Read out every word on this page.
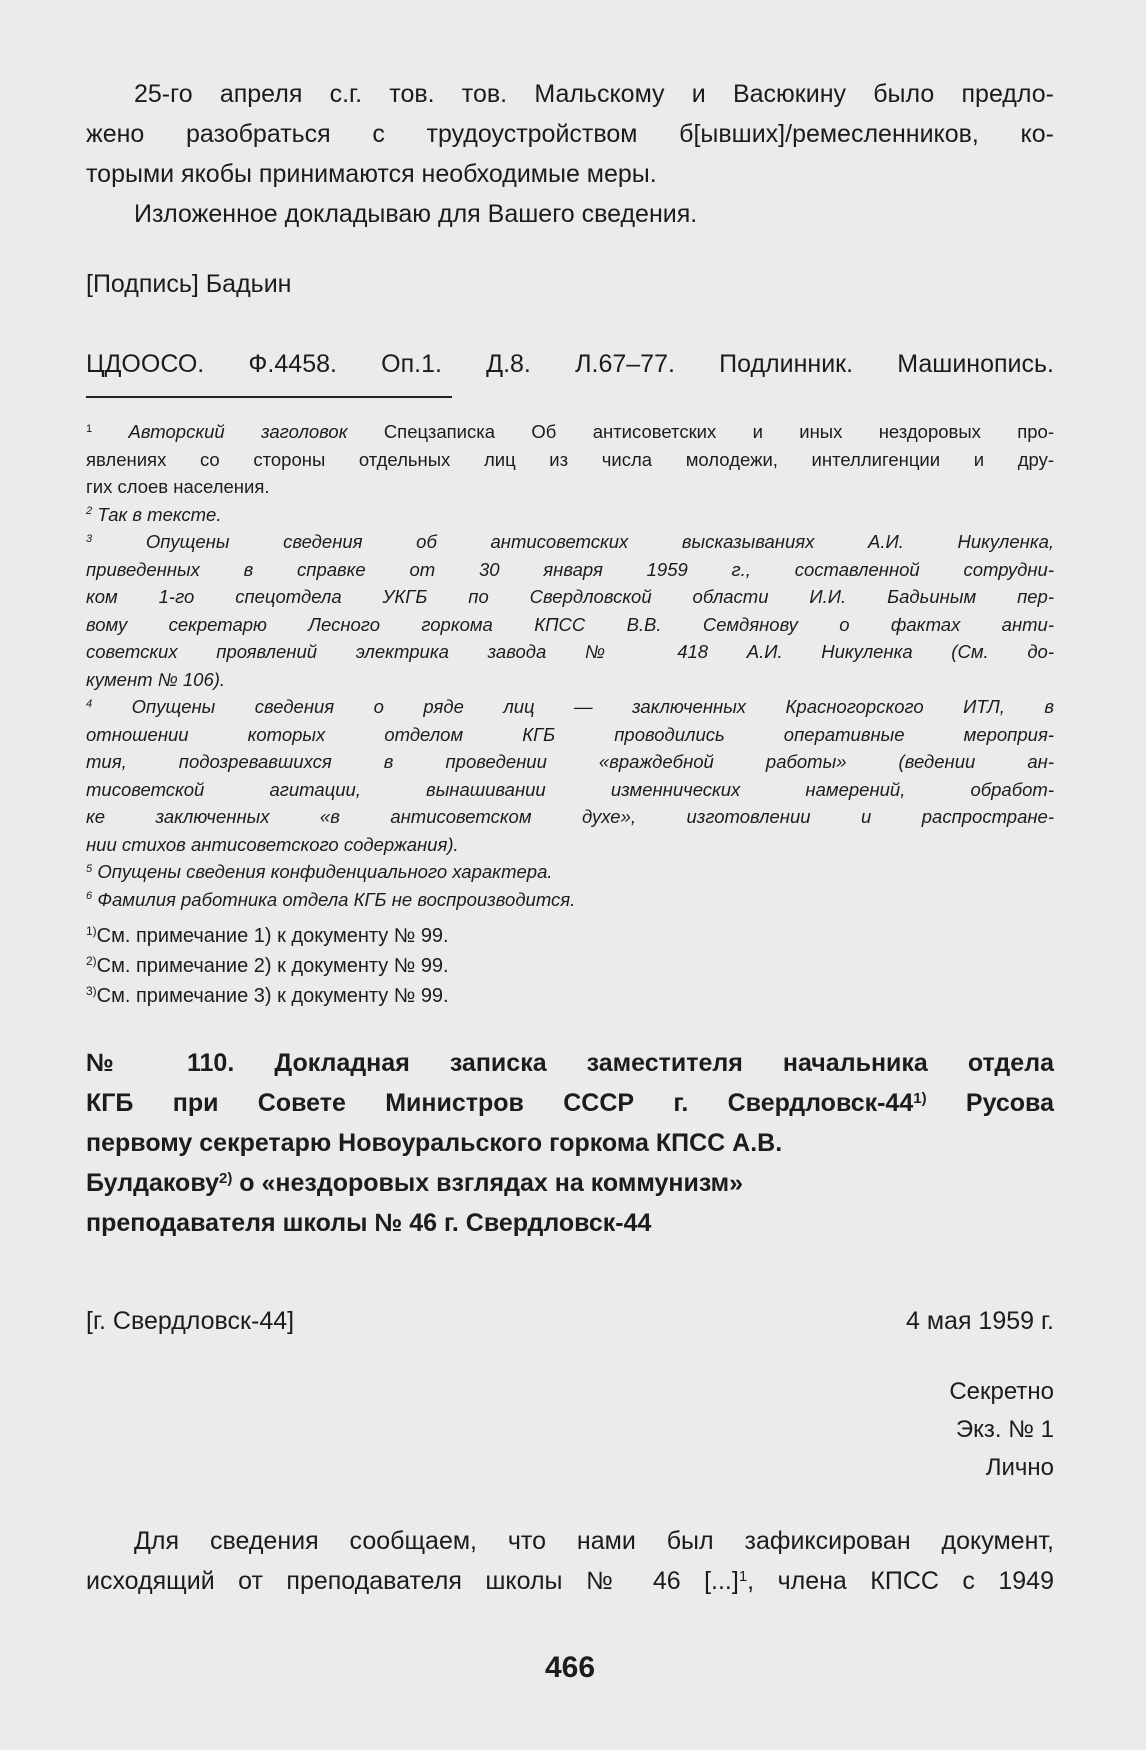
25-го апреля с.г. тов. тов. Мальскому и Васюкину было предло-
жено разобраться с трудоустройством б[ывших]/ремесленников, ко-
торыми якобы принимаются необходимые меры.
Изложенное докладываю для Вашего сведения.
[Подпись] Бадьин
ЦДООСО. Ф.4458. Оп.1. Д.8. Л.67–77. Подлинник. Машинопись.
$^1$ Авторский заголовок Спецзаписка Об антисоветских и иных нездоровых про-
явлениях со стороны отдельных лиц из числа молодежи, интеллигенции и дру-
гих слоев населения.
$^2$ Так в тексте.
$^3$	Опущены сведения об антисоветских высказываниях А.И. Никуленка,
приведенных в справке от 30 января 1959 г., составленной сотрудни-
ком 1-го спецотдела УКГБ по Свердловской области И.И. Бадьиным пер-
вому секретарю Лесного горкома КПСС В.В. Семдянову о фактах анти-
советских проявлений электрика завода № 418 А.И. Никуленка (См. до-
кумент № 106).
$^4$ Опущены сведения о ряде лиц — заключенных Красногорского ИТЛ, в
отношении которых отделом КГБ проводились оперативные мероприя-
тия, подозревавшихся в проведении «враждебной работы» (ведении ан-
тисоветской агитации, вынашивании изменнических намерений, обработ-
ке заключенных «в антисоветском духе», изготовлении и распростране-
нии стихов антисоветского содержания).
$^5$ Опущены сведения конфиденциального характера.
$^6$ Фамилия работника отдела КГБ не воспроизводится.
$^{1)}$См. примечание 1) к документу № 99.
$^{2)}$См. примечание 2) к документу № 99.
$^{3)}$См. примечание 3) к документу № 99.
№ 110. Докладная записка заместителя начальника отдела
КГБ при Совете Министров СССР г. Свердловск-44$^{1)}$ Русова
первому секретарю Новоуральского горкома КПСС А.В.
Булдакову$^{2)}$ о «нездоровых взглядах на коммунизм»
преподавателя школы № 46 г. Свердловск-44
[г. Свердловск-44]	4 мая 1959 г.
Секретно
Экз. № 1
Лично
Для сведения сообщаем, что нами был зафиксирован документ,
исходящий от преподавателя школы № 46 [...]$^1$, члена КПСС с 1949
466
